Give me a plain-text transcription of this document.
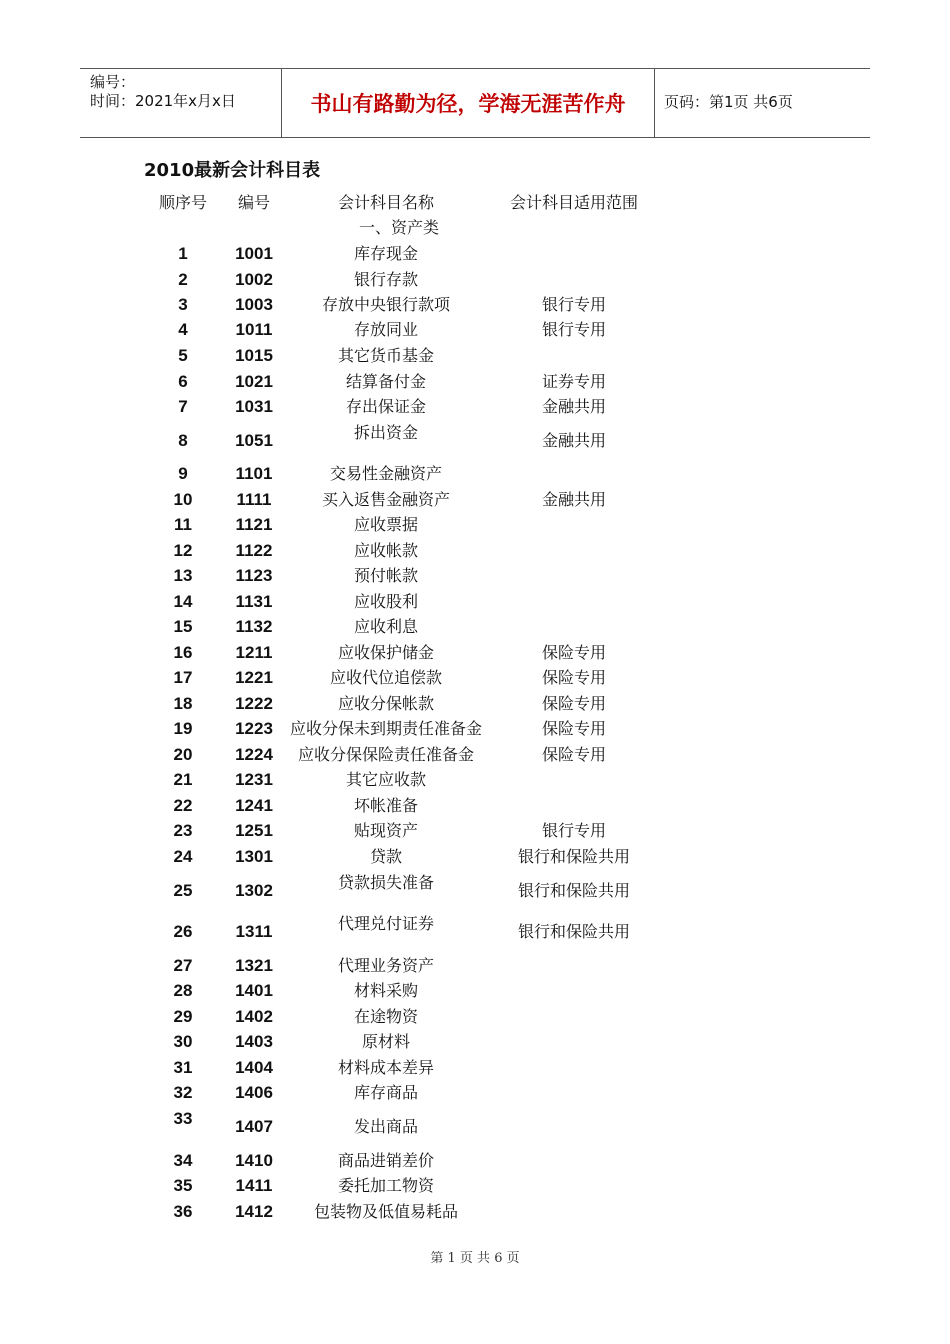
编号：
时间：2021年x月x日	书山有路勤为径，学海无涯苦作舟	页码：第1页 共6页
2010最新会计科目表
顺序号 编号	会计科目名称	会计科目适用范围
一、资产类
1	1001	库存现金
2	1002	银行存款
3	1003	存放中央银行款项	银行专用
4	1011	存放同业	银行专用
5	1015	其它货币基金
6	1021	结算备付金	证券专用
7	1031	存出保证金	金融共用
8	1051	拆出资金	金融共用
9	1101	交易性金融资产
10	1111	买入返售金融资产	金融共用
11	1121	应收票据
12	1122	应收帐款
13	1123	预付帐款
14	1131	应收股利
15	1132	应收利息
16	1211	应收保护储金	保险专用
17	1221	应收代位追偿款	保险专用
18	1222	应收分保帐款	保险专用
19	1223 应收分保未到期责任准备金	保险专用
20	1224 应收分保保险责任准备金	保险专用
21	1231	其它应收款
22	1241	坏帐准备
23	1251	贴现资产	银行专用
24	1301	贷款	银行和保险共用
25	1302	贷款损失准备	银行和保险共用
26	1311	代理兑付证券	银行和保险共用
27	1321	代理业务资产
28	1401	材料采购
29	1402	在途物资
30	1403	原材料
31	1404	材料成本差异
32	1406	库存商品
33	1407	发出商品
34	1410	商品进销差价
35	1411	委托加工物资
36	1412	包装物及低值易耗品
第 1 页 共 6 页
